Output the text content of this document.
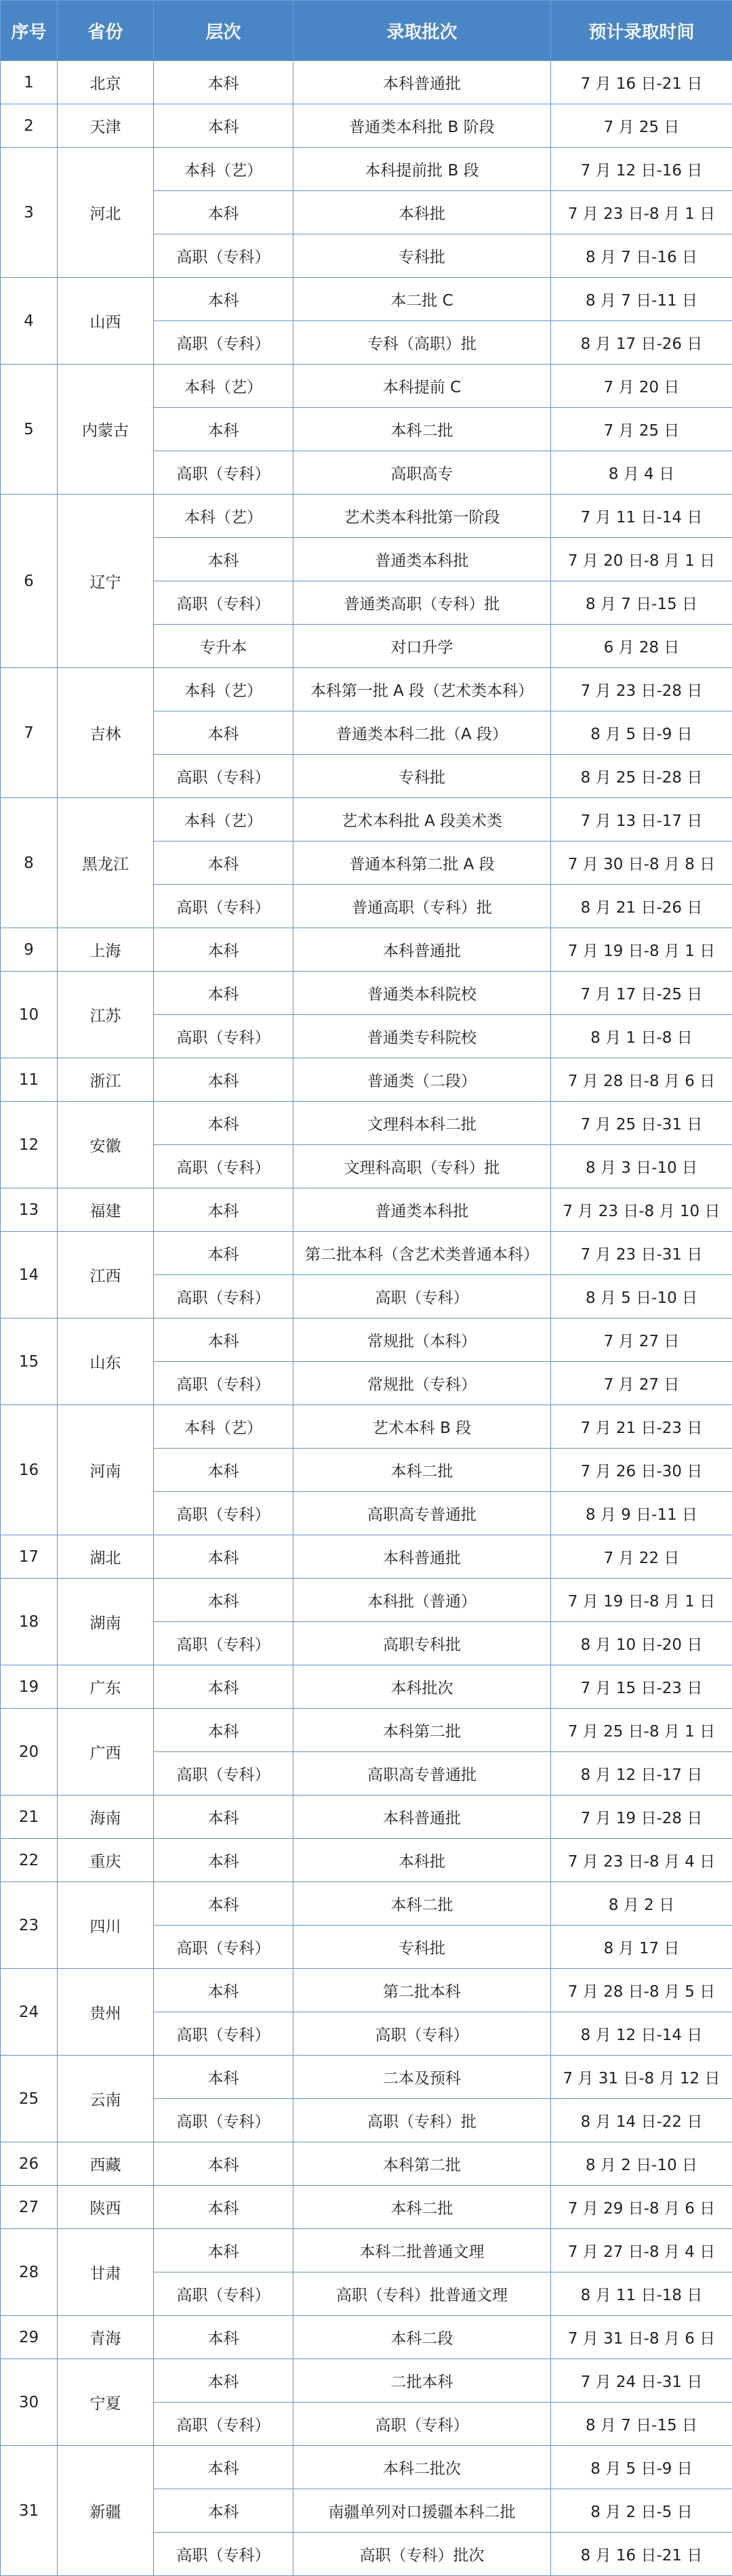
序号	省份	层次	录取批次	预计录取时间
1	北京	本科	本科普通批	7 月 16 日-21 日
2	天津	本科	普通类本科批 B 阶段	7 月 25 日
3	河北	本科（艺）	本科提前批 B 段	7 月 12 日-16 日
		本科	本科批	7 月 23 日-8 月 1 日
		高职（专科）	专科批	8 月 7 日-16 日
4	山西	本科	本二批 C	8 月 7 日-11 日
		高职（专科）	专科（高职）批	8 月 17 日-26 日
5	内蒙古	本科（艺）	本科提前 C	7 月 20 日
		本科	本科二批	7 月 25 日
		高职（专科）	高职高专	8 月 4 日
6	辽宁	本科（艺）	艺术类本科批第一阶段	7 月 11 日-14 日
		本科	普通类本科批	7 月 20 日-8 月 1 日
		高职（专科）	普通类高职（专科）批	8 月 7 日-15 日
		专升本	对口升学	6 月 28 日
7	吉林	本科（艺）	本科第一批 A 段（艺术类本科）	7 月 23 日-28 日
		本科	普通类本科二批（A 段）	8 月 5 日-9 日
		高职（专科）	专科批	8 月 25 日-28 日
8	黑龙江	本科（艺）	艺术本科批 A 段美术类	7 月 13 日-17 日
		本科	普通本科第二批 A 段	7 月 30 日-8 月 8 日
		高职（专科）	普通高职（专科）批	8 月 21 日-26 日
9	上海	本科	本科普通批	7 月 19 日-8 月 1 日
10	江苏	本科	普通类本科院校	7 月 17 日-25 日
		高职（专科）	普通类专科院校	8 月 1 日-8 日
11	浙江	本科	普通类（二段）	7 月 28 日-8 月 6 日
12	安徽	本科	文理科本科二批	7 月 25 日-31 日
		高职（专科）	文理科高职（专科）批	8 月 3 日-10 日
13	福建	本科	普通类本科批	7 月 23 日-8 月 10 日
14	江西	本科	第二批本科（含艺术类普通本科）	7 月 23 日-31 日
		高职（专科）	高职（专科）	8 月 5 日-10 日
15	山东	本科	常规批（本科）	7 月 27 日
		高职（专科）	常规批（专科）	7 月 27 日
16	河南	本科（艺）	艺术本科 B 段	7 月 21 日-23 日
		本科	本科二批	7 月 26 日-30 日
		高职（专科）	高职高专普通批	8 月 9 日-11 日
17	湖北	本科	本科普通批	7 月 22 日
18	湖南	本科	本科批（普通）	7 月 19 日-8 月 1 日
		高职（专科）	高职专科批	8 月 10 日-20 日
19	广东	本科	本科批次	7 月 15 日-23 日
20	广西	本科	本科第二批	7 月 25 日-8 月 1 日
		高职（专科）	高职高专普通批	8 月 12 日-17 日
21	海南	本科	本科普通批	7 月 19 日-28 日
22	重庆	本科	本科批	7 月 23 日-8 月 4 日
23	四川	本科	本科二批	8 月 2 日
		高职（专科）	专科批	8 月 17 日
24	贵州	本科	第二批本科	7 月 28 日-8 月 5 日
		高职（专科）	高职（专科）	8 月 12 日-14 日
25	云南	本科	二本及预科	7 月 31 日-8 月 12 日
		高职（专科）	高职（专科）批	8 月 14 日-22 日
26	西藏	本科	本科第二批	8 月 2 日-10 日
27	陕西	本科	本科二批	7 月 29 日-8 月 6 日
28	甘肃	本科	本科二批普通文理	7 月 27 日-8 月 4 日
		高职（专科）	高职（专科）批普通文理	8 月 11 日-18 日
29	青海	本科	本科二段	7 月 31 日-8 月 6 日
30	宁夏	本科	二批本科	7 月 24 日-31 日
		高职（专科）	高职（专科）	8 月 7 日-15 日
31	新疆	本科	本科二批次	8 月 5 日-9 日
		本科	南疆单列对口援疆本科二批	8 月 2 日-5 日
		高职（专科）	高职（专科）批次	8 月 16 日-21 日
